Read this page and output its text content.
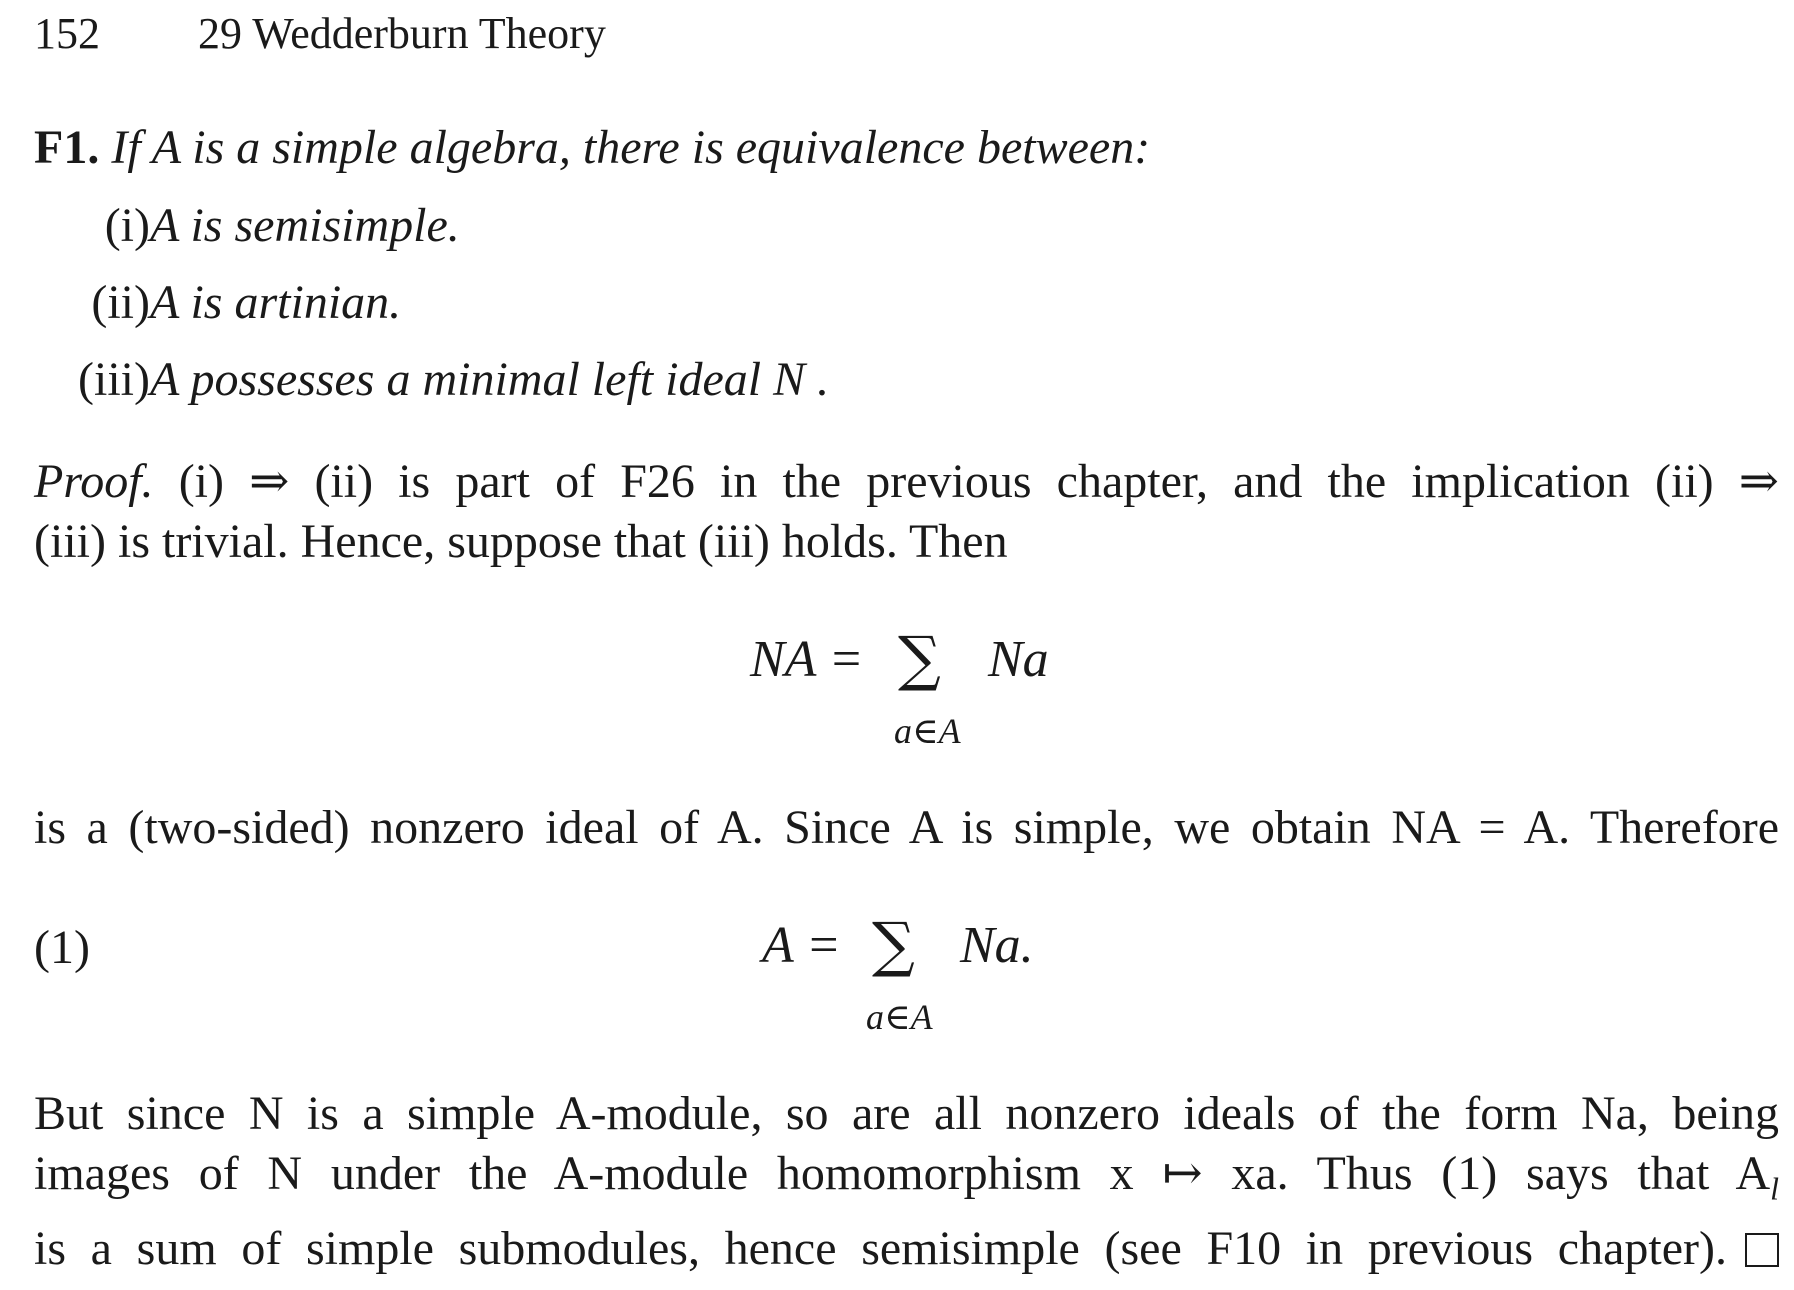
152 29 Wedderburn Theory
F1. If A is a simple algebra, there is equivalence between:
(i) A is semisimple.
(ii) A is artinian.
(iii) A possesses a minimal left ideal N .
Proof. (i) ⇒ (ii) is part of F26 in the previous chapter, and the implication (ii) ⇒
(iii) is trivial. Hence, suppose that (iii) holds. Then
NA = ∑ Na
a∈A
is a (two-sided) nonzero ideal of A. Since A is simple, we obtain NA = A. Therefore
(1)	A = ∑ Na.
a∈A
But since N is a simple A-module, so are all nonzero ideals of the form Na, being
images of N under the A-module homomorphism x ↦ xa. Thus (1) says that $A_l$
is a sum of simple submodules, hence semisimple (see F10 in previous chapter).
